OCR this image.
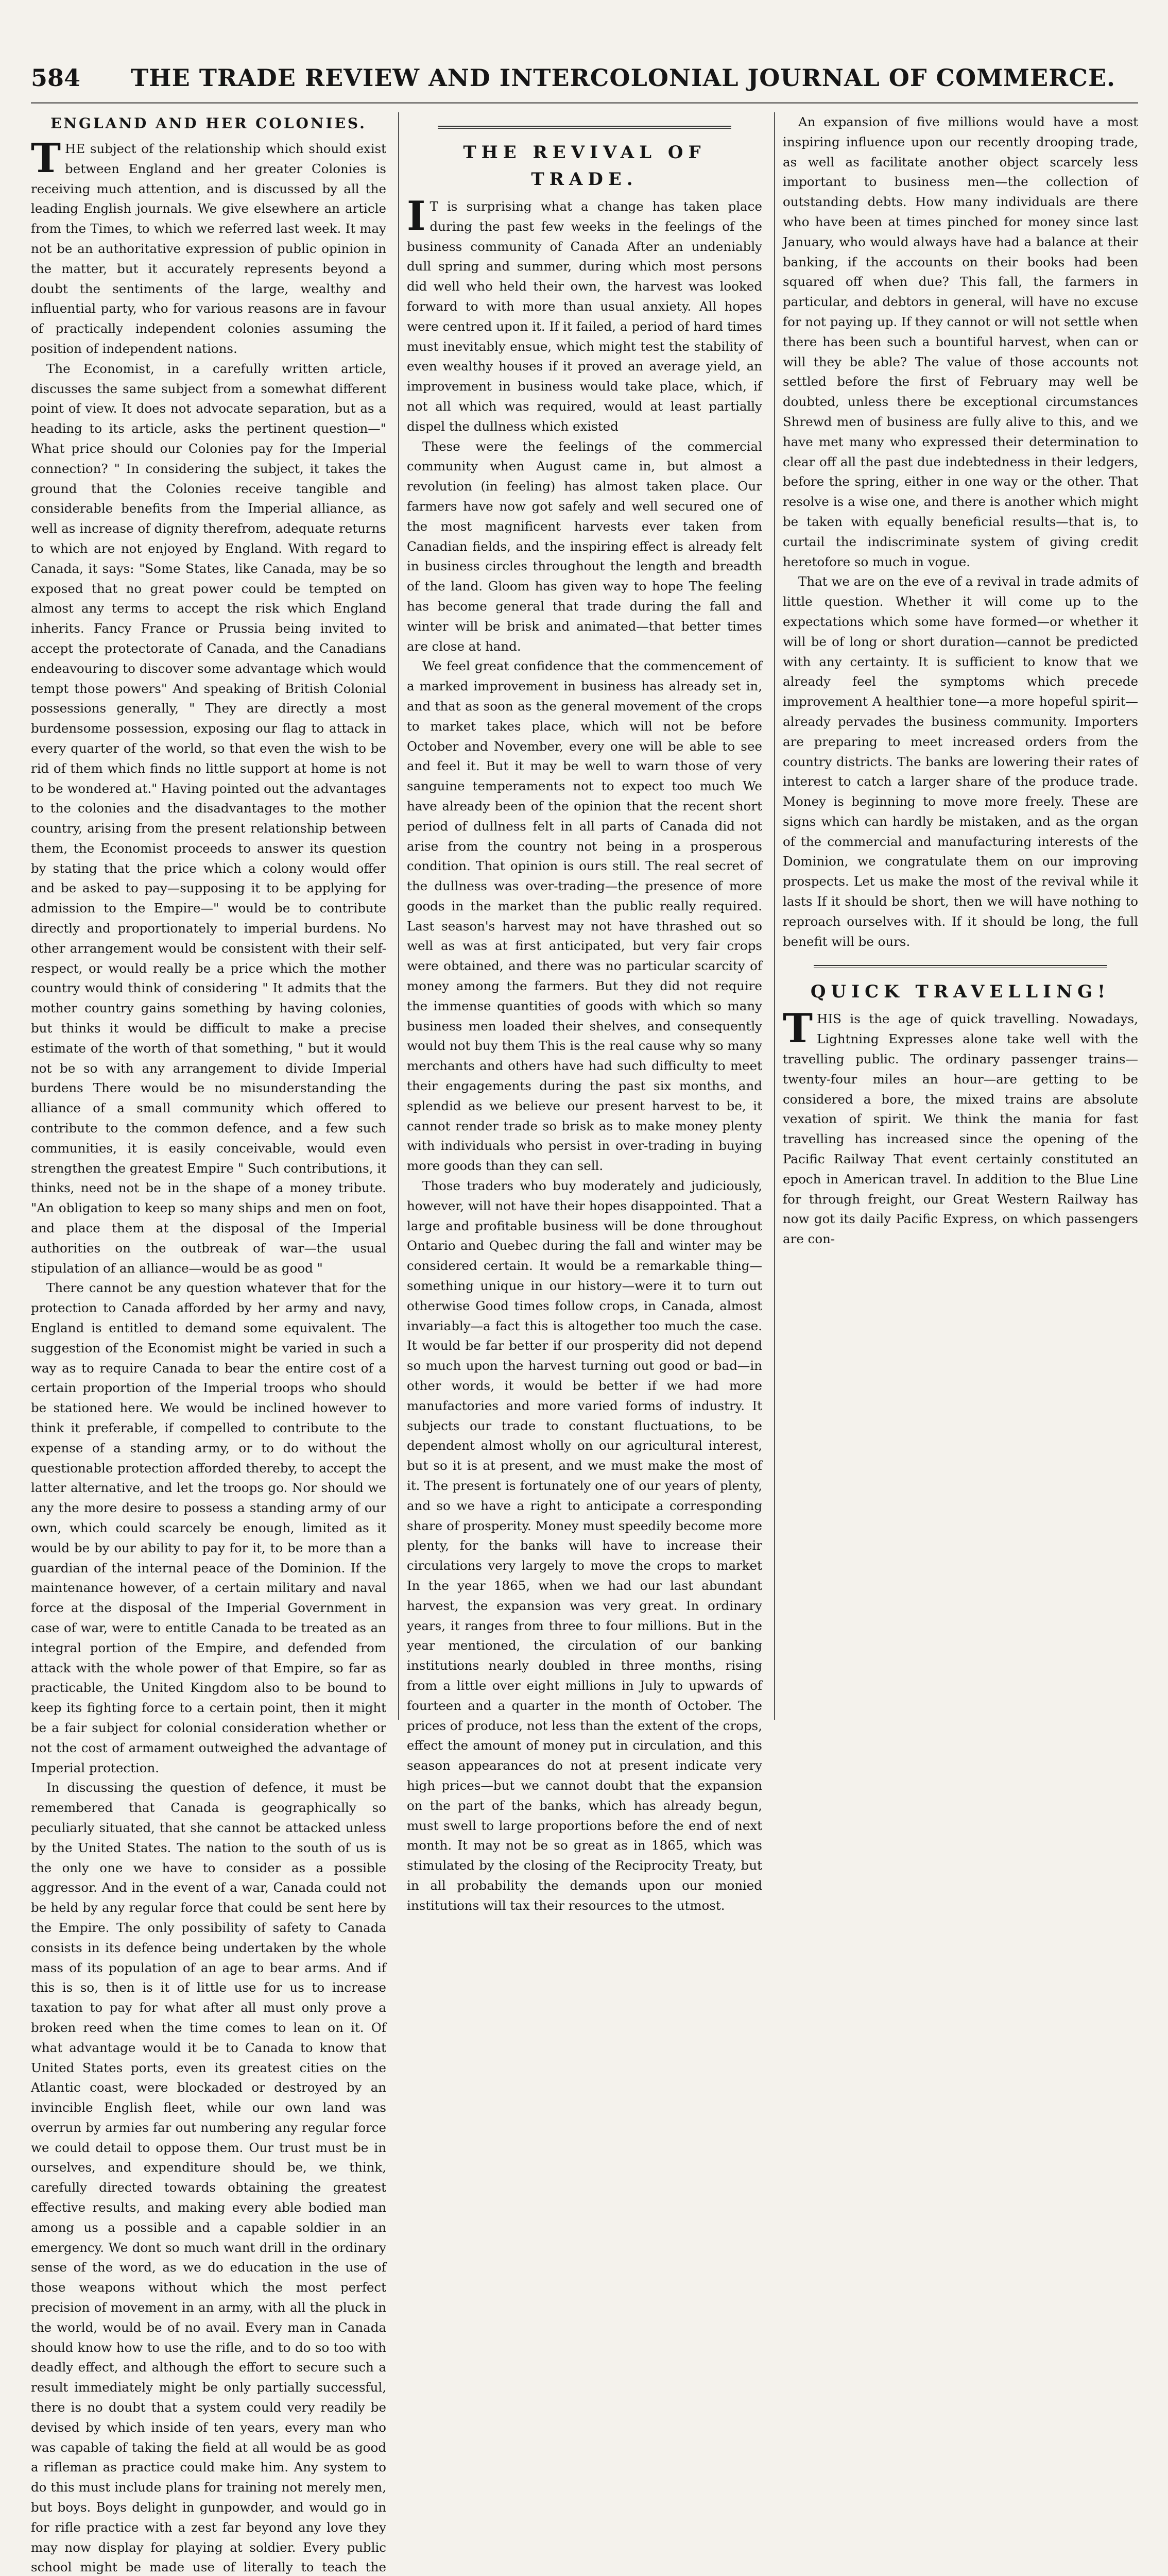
584	THE TRADE REVIEW AND INTERCOLONIAL JOURNAL OF COMMERCE.
ENGLAND AND HER COLONIES.

THE subject of the relationship which should exist between England and her greater Colonies is receiving much attention, and is discussed by all the leading English journals. We give elsewhere an article from the Times, to which we referred last week. It may not be an authoritative expression of public opinion in the matter, but it accurately represents beyond a doubt the sentiments of the large, wealthy and influential party, who for various reasons are in favour of practically independent colonies assuming the position of independent nations.

The Economist, in a carefully written article, discusses the same subject from a somewhat different point of view. It does not advocate separation, but as a heading to its article, asks the pertinent question—" What price should our Colonies pay for the Imperial connection? " In considering the subject, it takes the ground that the Colonies receive tangible and considerable benefits from the Imperial alliance, as well as increase of dignity therefrom, adequate returns to which are not enjoyed by England. With regard to Canada, it says: "Some States, like Canada, may be so exposed that no great power could be tempted on almost any terms to accept the risk which England inherits. Fancy France or Prussia being invited to accept the protectorate of Canada, and the Canadians endeavouring to discover some advantage which would tempt those powers" And speaking of British Colonial possessions generally, " They are directly a most burdensome possession, exposing our flag to attack in every quarter of the world, so that even the wish to be rid of them which finds no little support at home is not to be wondered at." Having pointed out the advantages to the colonies and the disadvantages to the mother country, arising from the present relationship between them, the Economist proceeds to answer its question by stating that the price which a colony would offer and be asked to pay—supposing it to be applying for admission to the Empire—" would be to contribute directly and proportionately to imperial burdens. No other arrangement would be consistent with their self-respect, or would really be a price which the mother country would think of considering " It admits that the mother country gains something by having colonies, but thinks it would be difficult to make a precise estimate of the worth of that something, " but it would not be so with any arrangement to divide Imperial burdens There would be no misunderstanding the alliance of a small community which offered to contribute to the common defence, and a few such communities, it is easily conceivable, would even strengthen the greatest Empire " Such contributions, it thinks, need not be in the shape of a money tribute. "An obligation to keep so many ships and men on foot, and place them at the disposal of the Imperial authorities on the outbreak of war—the usual stipulation of an alliance—would be as good "

There cannot be any question whatever that for the protection to Canada afforded by her army and navy, England is entitled to demand some equivalent. The suggestion of the Economist might be varied in such a way as to require Canada to bear the entire cost of a certain proportion of the Imperial troops who should be stationed here. We would be inclined however to think it preferable, if compelled to contribute to the expense of a standing army, or to do without the questionable protection afforded thereby, to accept the latter alternative, and let the troops go. Nor should we any the more desire to possess a standing army of our own, which could scarcely be enough, limited as it would be by our ability to pay for it, to be more than a guardian of the internal peace of the Dominion. If the maintenance however, of a certain military and naval force at the disposal of the Imperial Government in case of war, were to entitle Canada to be treated as an integral portion of the Empire, and defended from attack with the whole power of that Empire, so far as practicable, the United Kingdom also to be bound to keep its fighting force to a certain point, then it might be a fair subject for colonial consideration whether or not the cost of armament outweighed the advantage of Imperial protection.

In discussing the question of defence, it must be remembered that Canada is geographically so peculiarly situated, that she cannot be attacked unless by the United States. The nation to the south of us is the only one we have to consider as a possible aggressor. And in the event of a war, Canada could not be held by any regular force that could be sent here by the Empire. The only possibility of safety to Canada consists in its defence being undertaken by the whole mass of its population of an age to bear arms. And if this is so, then is it of little use for us to increase taxation to pay for what after all must only prove a broken reed when the time comes to lean on it. Of what advantage would it be to Canada to know that United States ports, even its greatest cities on the Atlantic coast, were blockaded or destroyed by an invincible English fleet, while our own land was overrun by armies far out numbering any regular force we could detail to oppose them. Our trust must be in ourselves, and expenditure should be, we think, carefully directed towards obtaining the greatest effective results, and making every able bodied man among us a possible and a capable soldier in an emergency. We dont so much want drill in the ordinary sense of the word, as we do education in the use of those weapons without which the most perfect precision of movement in an army, with all the pluck in the world, would be of no avail. Every man in Canada should know how to use the rifle, and to do so too with deadly effect, and although the effort to secure such a result immediately might be only partially successful, there is no doubt that a system could very readily be devised by which inside of ten years, every man who was capable of taking the field at all would be as good a rifleman as practice could make him. Any system to do this must include plans for training not merely men, but boys. Boys delight in gunpowder, and would go in for rifle practice with a zest far beyond any love they may now display for playing at soldier. Every public school might be made use of literally to teach the

THE REVIVAL OF TRADE.

I T is surprising what a change has taken place during the past few weeks in the feelings of the business community of Canada After an undeniably dull spring and summer, during which most persons did well who held their own, the harvest was looked forward to with more than usual anxiety. All hopes were centred upon it. If it failed, a period of hard times must inevitably ensue, which might test the stability of even wealthy houses if it proved an average yield, an improvement in business would take place, which, if not all which was required, would at least partially dispel the dullness which existed

These were the feelings of the commercial community when August came in, but almost a revolution (in feeling) has almost taken place. Our farmers have now got safely and well secured one of the most magnificent harvests ever taken from Canadian fields, and the inspiring effect is already felt in business circles throughout the length and breadth of the land. Gloom has given way to hope The feeling has become general that trade during the fall and winter will be brisk and animated—that better times are close at hand.

We feel great confidence that the commencement of a marked improvement in business has already set in, and that as soon as the general movement of the crops to market takes place, which will not be before October and November, every one will be able to see and feel it. But it may be well to warn those of very sanguine temperaments not to expect too much We have already been of the opinion that the recent short period of dullness felt in all parts of Canada did not arise from the country not being in a prosperous condition. That opinion is ours still. The real secret of the dullness was over-trading—the presence of more goods in the market than the public really required. Last season's harvest may not have thrashed out so well as was at first anticipated, but very fair crops were obtained, and there was no particular scarcity of money among the farmers. But they did not require the immense quantities of goods with which so many business men loaded their shelves, and consequently would not buy them This is the real cause why so many merchants and others have had such difficulty to meet their engagements during the past six months, and splendid as we believe our present harvest to be, it cannot render trade so brisk as to make money plenty with individuals who persist in over-trading in buying more goods than they can sell.

Those traders who buy moderately and judiciously, however, will not have their hopes disappointed. That a large and profitable business will be done throughout Ontario and Quebec during the fall and winter may be considered certain. It would be a remarkable thing—something unique in our history—were it to turn out otherwise Good times follow crops, in Canada, almost invariably—a fact this is altogether too much the case. It would be far better if our prosperity did not depend so much upon the harvest turning out good or bad—in other words, it would be better if we had more manufactories and more varied forms of industry. It subjects our trade to constant fluctuations, to be dependent almost wholly on our agricultural interest, but so it is at present, and we must make the most of it. The present is fortunately one of our years of plenty, and so we have a right to anticipate a corresponding share of prosperity. Money must speedily become more plenty, for the banks will have to increase their circulations very largely to move the crops to market In the year 1865, when we had our last abundant harvest, the expansion was very great. In ordinary years, it ranges from three to four millions. But in the year mentioned, the circulation of our banking institutions nearly doubled in three months, rising from a little over eight millions in July to upwards of fourteen and a quarter in the month of October. The prices of produce, not less than the extent of the crops, effect the amount of money put in circulation, and this season appearances do not at present indicate very high prices—but we cannot doubt that the expansion on the part of the banks, which has already begun, must swell to large proportions before the end of next month. It may not be so great as in 1865, which was stimulated by the closing of the Reciprocity Treaty, but in all probability the demands upon our monied institutions will tax their resources to the utmost.

An expansion of five millions would have a most inspiring influence upon our recently drooping trade, as well as facilitate another object scarcely less important to business men—the collection of outstanding debts. How many individuals are there who have been at times pinched for money since last January, who would always have had a balance at their banking, if the accounts on their books had been squared off when due? This fall, the farmers in particular, and debtors in general, will have no excuse for not paying up. If they cannot or will not settle when there has been such a bountiful harvest, when can or will they be able? The value of those accounts not settled before the first of February may well be doubted, unless there be exceptional circumstances Shrewd men of business are fully alive to this, and we have met many who expressed their determination to clear off all the past due indebtedness in their ledgers, before the spring, either in one way or the other. That resolve is a wise one, and there is another which might be taken with equally beneficial results—that is, to curtail the indiscriminate system of giving credit heretofore so much in vogue.

That we are on the eve of a revival in trade admits of little question. Whether it will come up to the expectations which some have formed—or whether it will be of long or short duration—cannot be predicted with any certainty. It is sufficient to know that we already feel the symptoms which precede improvement A healthier tone—a more hopeful spirit—already pervades the business community. Importers are preparing to meet increased orders from the country districts. The banks are lowering their rates of interest to catch a larger share of the produce trade. Money is beginning to move more freely. These are signs which can hardly be mistaken, and as the organ of the commercial and manufacturing interests of the Dominion, we congratulate them on our improving prospects. Let us make the most of the revival while it lasts If it should be short, then we will have nothing to reproach ourselves with. If it should be long, the full benefit will be ours.

QUICK TRAVELLING!

THIS is the age of quick travelling. Nowadays, Lightning Expresses alone take well with the travelling public. The ordinary passenger trains—twenty-four miles an hour—are getting to be considered a bore, the mixed trains are absolute vexation of spirit. We think the mania for fast travelling has increased since the opening of the Pacific Railway That event certainly constituted an epoch in American travel. In addition to the Blue Line for through freight, our Great Western Railway has now got its daily Pacific Express, on which passengers are con-
